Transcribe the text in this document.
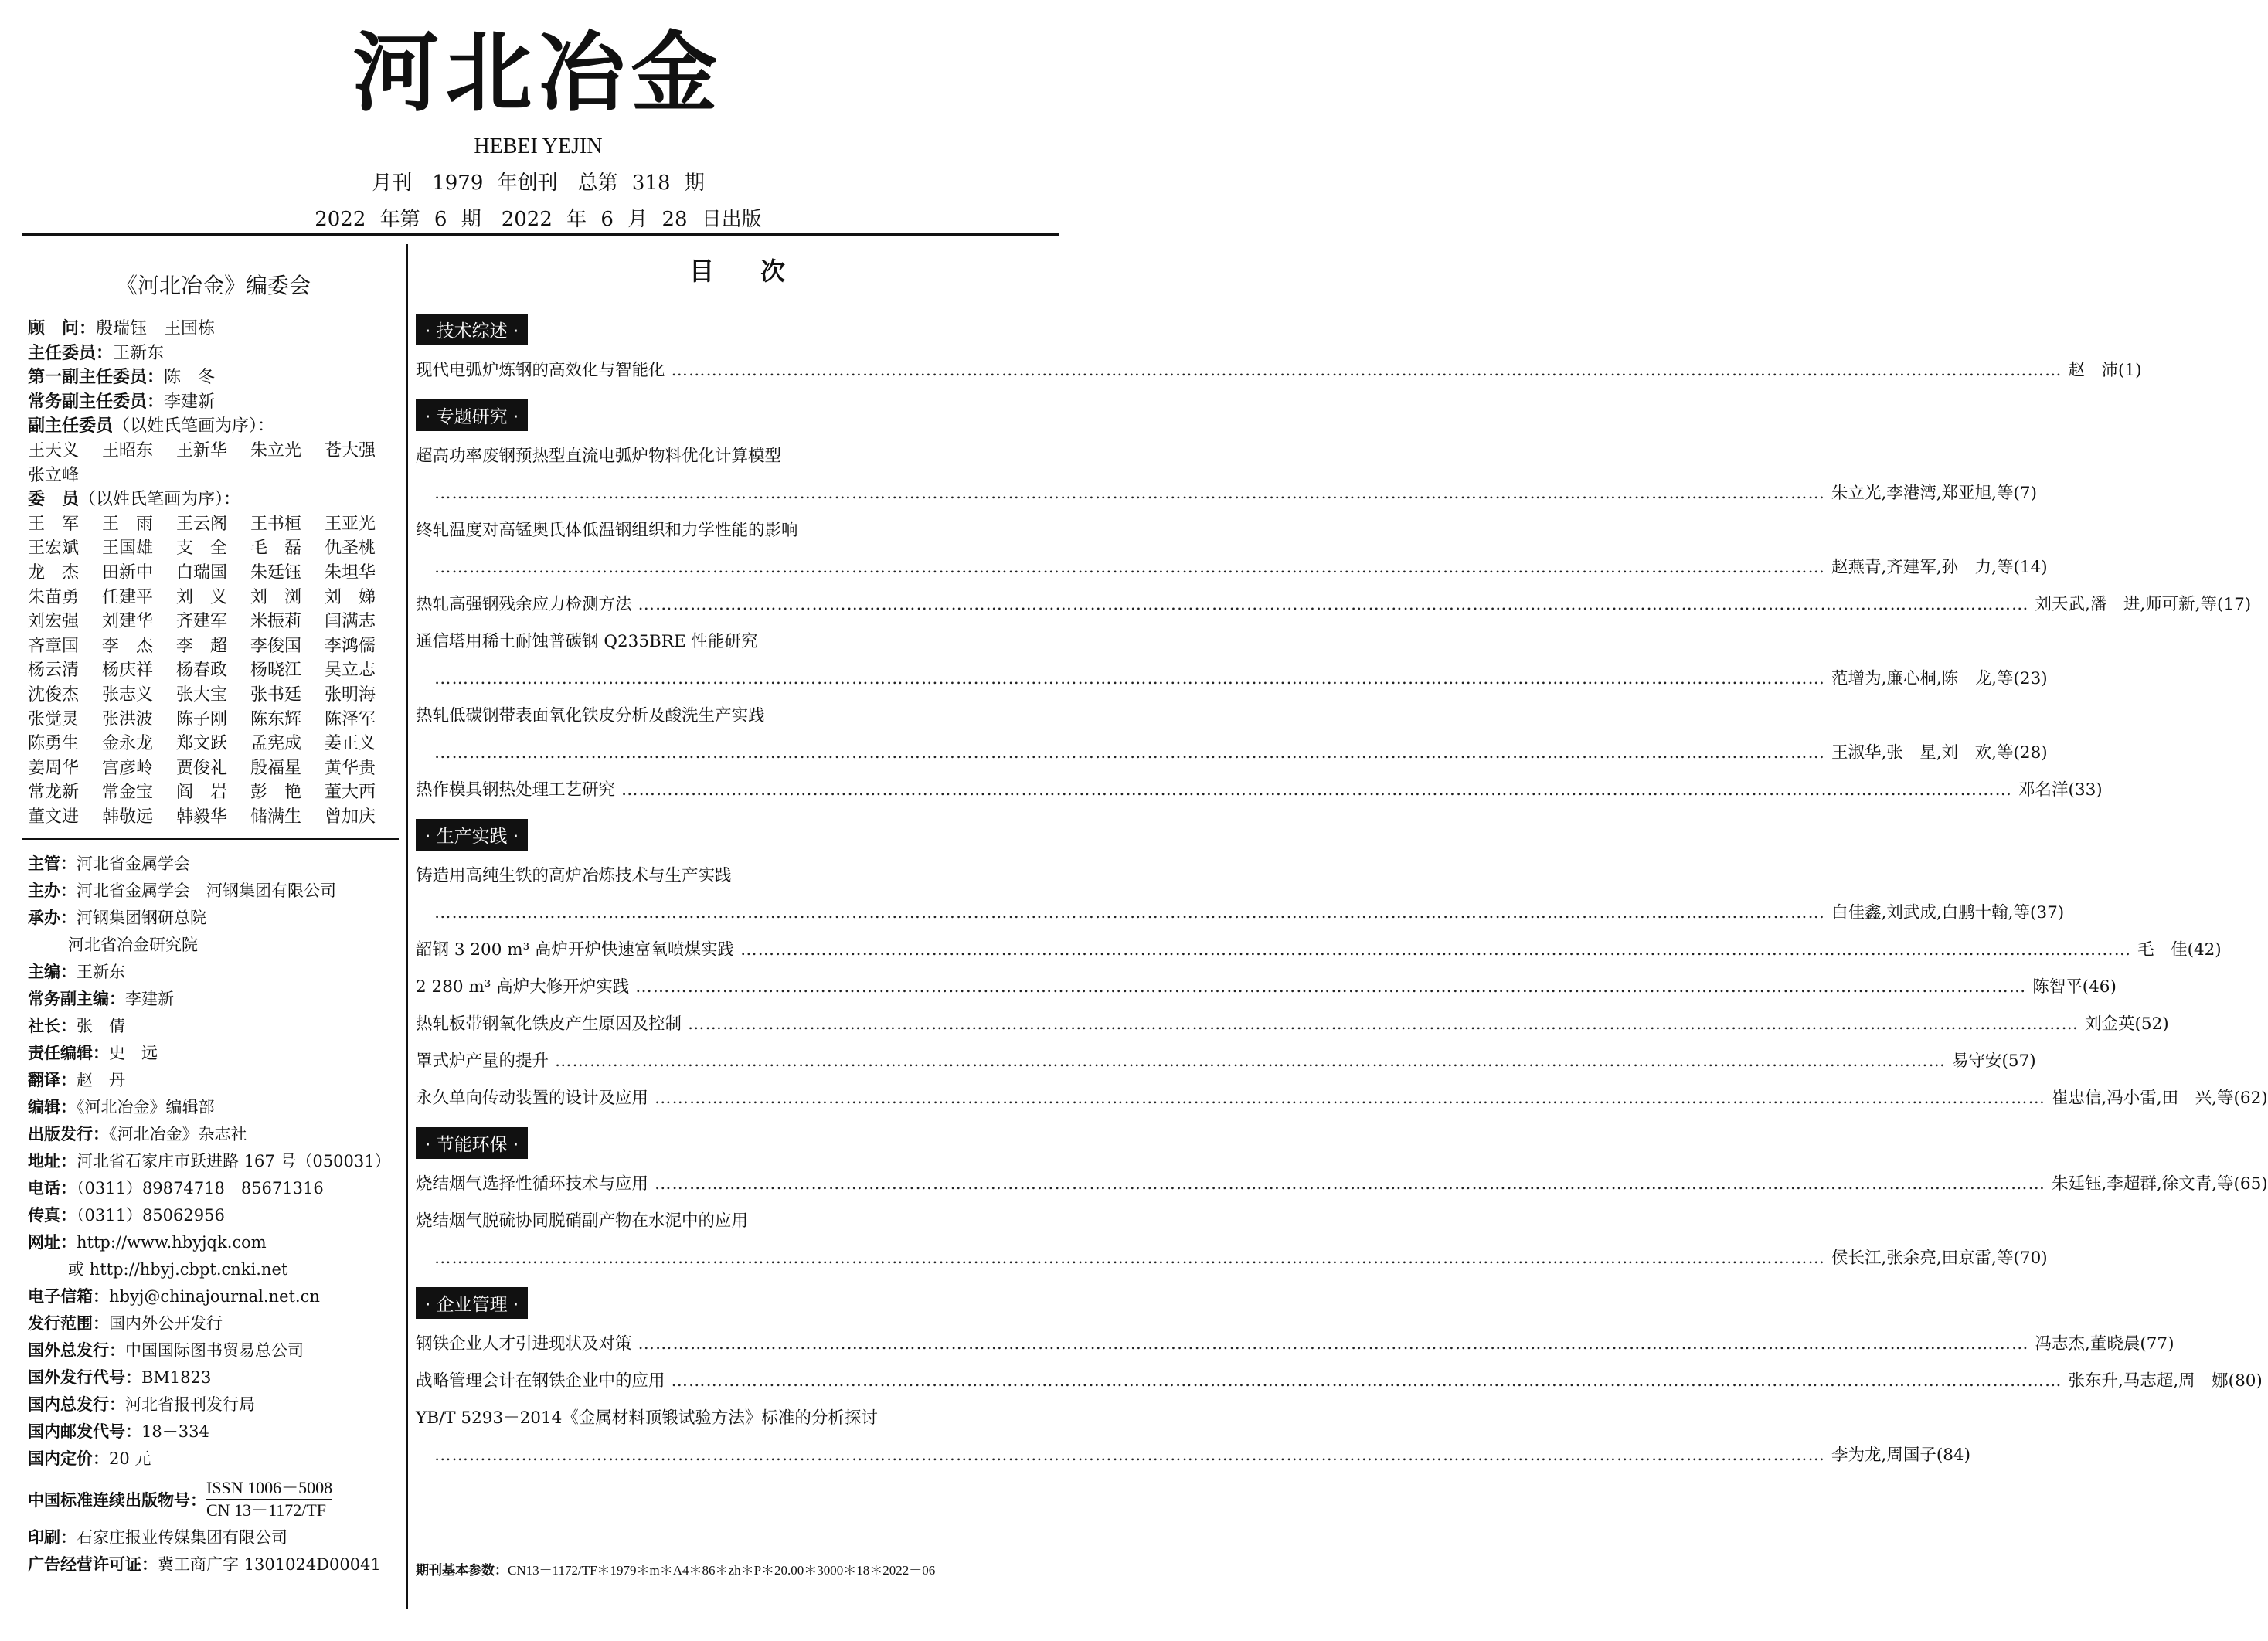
河北冶金
HEBEI YEJIN
月刊　1979 年创刊　总第 318 期
2022 年第 6 期　2022 年 6 月 28 日出版
《河北冶金》编委会
顾　问：殷瑞钰　王国栋
主任委员：王新东
第一副主任委员：陈　冬
常务副主任委员：李建新
副主任委员（以姓氏笔画为序）：
王天义	王昭东	王新华	朱立光	苍大强
张立峰
委　员（以姓氏笔画为序）：
王　军	王　雨	王云阁	王书桓	王亚光
王宏斌	王国雄	支　全	毛　磊	仇圣桃
龙　杰	田新中	白瑞国	朱廷钰	朱坦华
朱苗勇	任建平	刘　义	刘　浏	刘　娣
刘宏强	刘建华	齐建军	米振莉	闫满志
吝章国	李　杰	李　超	李俊国	李鸿儒
杨云清	杨庆祥	杨春政	杨晓江	吴立志
沈俊杰	张志义	张大宝	张书廷	张明海
张觉灵	张洪波	陈子刚	陈东辉	陈泽军
陈勇生	金永龙	郑文跃	孟宪成	姜正义
姜周华	宫彦岭	贾俊礼	殷福星	黄华贵
常龙新	常金宝	阎　岩	彭　艳	董大西
董文进	韩敬远	韩毅华	储满生	曾加庆
主管：河北省金属学会
主办：河北省金属学会　河钢集团有限公司
承办：河钢集团钢研总院
河北省冶金研究院
主编：王新东
常务副主编：李建新
社长：张　倩
责任编辑：史　远
翻译：赵　丹
编辑：《河北冶金》编辑部
出版发行：《河北冶金》杂志社
地址：河北省石家庄市跃进路 167 号（050031）
电话：（0311）89874718　85671316
传真：（0311）85062956
网址：http://www.hbyjqk.com
或 http://hbyj.cbpt.cnki.net
电子信箱：hbyj@chinajournal.net.cn
发行范围：国内外公开发行
国外总发行：中国国际图书贸易总公司
国外发行代号：BM1823
国内总发行：河北省报刊发行局
国内邮发代号：18－334
国内定价：20 元
中国标准连续出版物号： $\frac{\text{ISSN 1006－5008}}{CN 13-1172/TF}$
印刷：石家庄报业传媒集团有限公司
广告经营许可证：冀工商广字 1301024D00041
目次
· 技术综述 ·
现代电弧炉炼钢的高效化与智能化 …………………………………………………………………………………………………………………………………………………………………………………………………………………… 赵　沛(1)
· 专题研究 ·
超高功率废钢预热型直流电弧炉物料优化计算模型
…………………………………………………………………………………………………………………………………………………………………………………………………………………… 朱立光,李港湾,郑亚旭,等(7)
终轧温度对高锰奥氏体低温钢组织和力学性能的影响
…………………………………………………………………………………………………………………………………………………………………………………………………………………… 赵燕青,齐建军,孙　力,等(14)
热轧高强钢残余应力检测方法 …………………………………………………………………………………………………………………………………………………………………………………………………………………… 刘天武,潘　进,师可新,等(17)
通信塔用稀土耐蚀普碳钢 Q235BRE 性能研究
…………………………………………………………………………………………………………………………………………………………………………………………………………………… 范增为,廉心桐,陈　龙,等(23)
热轧低碳钢带表面氧化铁皮分析及酸洗生产实践
…………………………………………………………………………………………………………………………………………………………………………………………………………………… 王淑华,张　星,刘　欢,等(28)
热作模具钢热处理工艺研究 …………………………………………………………………………………………………………………………………………………………………………………………………………………… 邓名洋(33)
· 生产实践 ·
铸造用高纯生铁的高炉冶炼技术与生产实践
…………………………………………………………………………………………………………………………………………………………………………………………………………………… 白佳鑫,刘武成,白鹏十翰,等(37)
韶钢 3 200 m³ 高炉开炉快速富氧喷煤实践 …………………………………………………………………………………………………………………………………………………………………………………………………………………… 毛　佳(42)
2 280 m³ 高炉大修开炉实践 …………………………………………………………………………………………………………………………………………………………………………………………………………………… 陈智平(46)
热轧板带钢氧化铁皮产生原因及控制 …………………………………………………………………………………………………………………………………………………………………………………………………………………… 刘金英(52)
罩式炉产量的提升 …………………………………………………………………………………………………………………………………………………………………………………………………………………… 易守安(57)
永久单向传动装置的设计及应用 …………………………………………………………………………………………………………………………………………………………………………………………………………………… 崔忠信,冯小雷,田　兴,等(62)
· 节能环保 ·
烧结烟气选择性循环技术与应用 …………………………………………………………………………………………………………………………………………………………………………………………………………………… 朱廷钰,李超群,徐文青,等(65)
烧结烟气脱硫协同脱硝副产物在水泥中的应用
…………………………………………………………………………………………………………………………………………………………………………………………………………………… 侯长江,张余亮,田京雷,等(70)
· 企业管理 ·
钢铁企业人才引进现状及对策 …………………………………………………………………………………………………………………………………………………………………………………………………………………… 冯志杰,董晓晨(77)
战略管理会计在钢铁企业中的应用 …………………………………………………………………………………………………………………………………………………………………………………………………………………… 张东升,马志超,周　娜(80)
YB/T 5293－2014《金属材料顶锻试验方法》标准的分析探讨
…………………………………………………………………………………………………………………………………………………………………………………………………………………… 李为龙,周国子(84)
期刊基本参数：CN13－1172/TF＊1979＊m＊A4＊86＊zh＊P＊20.00＊3000＊18＊2022－06
